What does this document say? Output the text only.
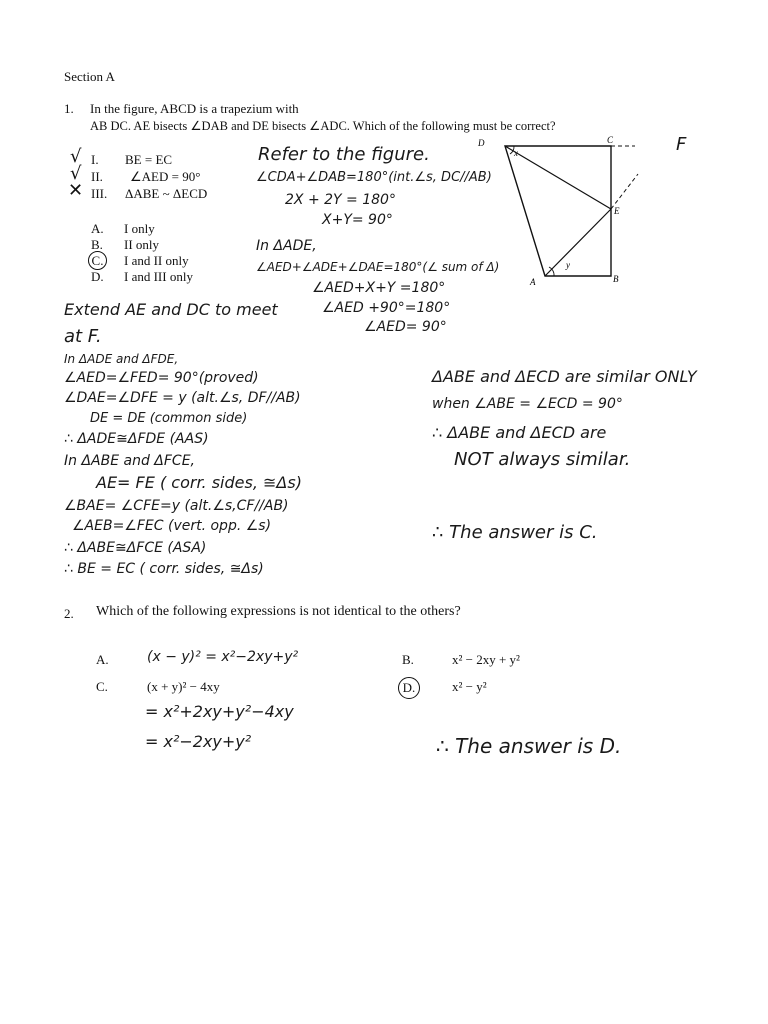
Section A
1. In the figure, ABCD is a trapezium with
AB DC. AE bisects ∠DAB and DE bisects ∠ADC. Which of the following must be correct?
√ I. BE = EC
√ II. ∠AED = 90°
✕ III. ΔABE ~ ΔECD
A. I only
B. II only
C. I and II only
D. I and III only
D	C
A	B
E
x
y
F
Refer to the figure.
∠CDA+∠DAB=180°(int.∠s, DC//AB)
2X + 2Y = 180°
X+Y= 90°
In ΔADE,
∠AED+∠ADE+∠DAE=180°(∠ sum of Δ)
∠AED+X+Y =180°
∠AED +90°=180°
∠AED= 90°
Extend AE and DC to meet
at F.
In ΔADE and ΔFDE,
∠AED=∠FED= 90°(proved)
∠DAE=∠DFE = y (alt.∠s, DF//AB)
DE = DE (common side)
∴ ΔADE≅ΔFDE (AAS)
In ΔABE and ΔFCE,
AE= FE ( corr. sides, ≅Δs)
∠BAE= ∠CFE=y (alt.∠s,CF//AB)
∠AEB=∠FEC (vert. opp. ∠s)
∴ ΔABE≅ΔFCE (ASA)
∴ BE = EC ( corr. sides, ≅Δs)
ΔABE and ΔECD are similar ONLY
when ∠ABE = ∠ECD = 90°
∴ ΔABE and ΔECD are
NOT always similar.
∴ The answer is C.
2. Which of the following expressions is not identical to the others?
A.	(x − y)² = x²−2xy+y²	B.	x² − 2xy + y²
C.	(x + y)² − 4xy	D.	x² − y²
= x²+2xy+y²−4xy
= x²−2xy+y²	∴ The answer is D.
